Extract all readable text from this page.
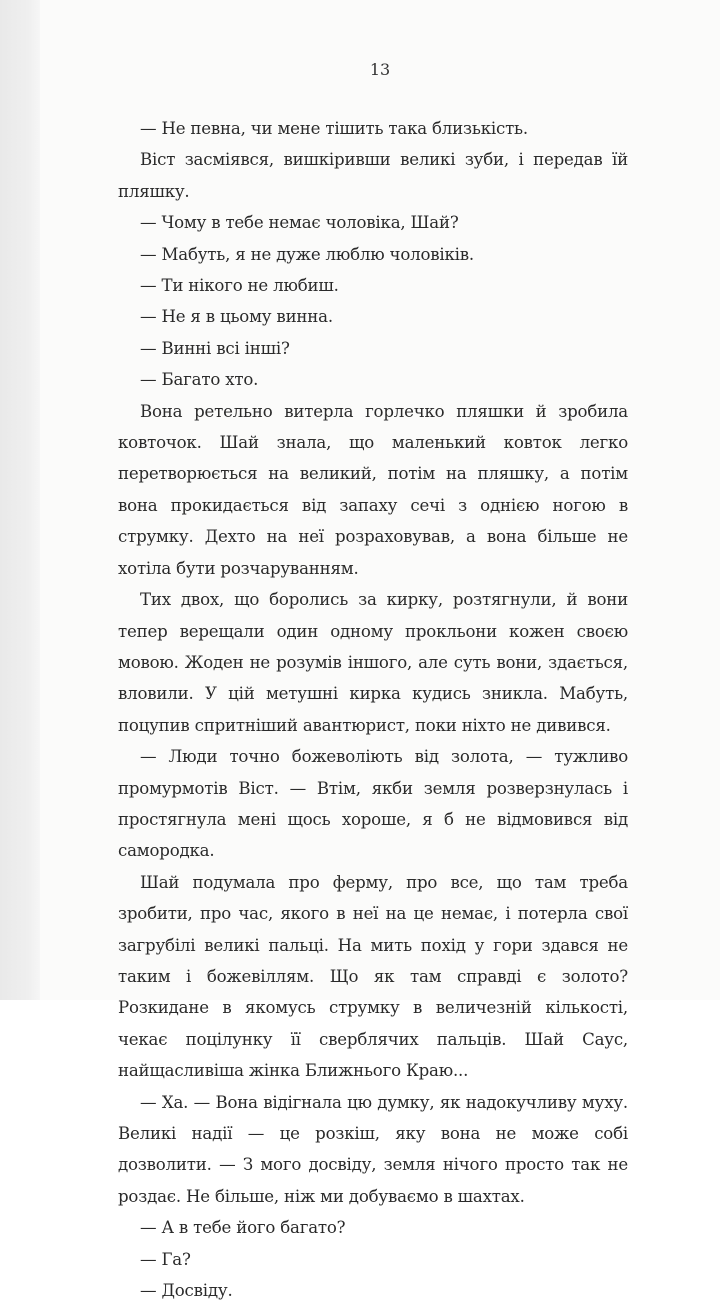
13

— Не певна, чи мене тішить така близькість.

Віст засміявся, вишкіривши великі зуби, і передав їй пляшку.

— Чому в тебе немає чоловіка, Шай?

— Мабуть, я не дуже люблю чоловіків.

— Ти нікого не любиш.

— Не я в цьому винна.

— Винні всі інші?

— Багато хто.

Вона ретельно витерла горлечко пляшки й зробила ковточок. Шай знала, що маленький ковток легко перетворюється на великий, потім на пляшку, а потім вона прокидається від запаху сечі з однією ногою в струмку. Дехто на неї розраховував, а вона більше не хотіла бути розчаруванням.

Тих двох, що боролись за кирку, розтягнули, й вони тепер верещали один одному прокльони кожен своєю мовою. Жоден не розумів іншого, але суть вони, здається, вловили. У цій метушні кирка кудись зникла. Мабуть, поцупив спритніший авантюрист, поки ніхто не дивився.

— Люди точно божеволіють від золота, — тужливо промурмотів Віст. — Втім, якби земля розверзнулась і простягнула мені щось хороше, я б не відмовився від самородка.

Шай подумала про ферму, про все, що там треба зробити, про час, якого в неї на це немає, і потерла свої загрубілі великі пальці. На мить похід у гори здався не таким і божевіллям. Що як там справді є золото? Розкидане в якомусь струмку в величезній кількості, чекає поцілунку її сверблячих пальців. Шай Саус, найщасливіша жінка Ближнього Краю...

— Ха. — Вона відігнала цю думку, як надокучливу муху. Великі надії — це розкіш, яку вона не може собі дозволити. — З мого досвіду, земля нічого просто так не роздає. Не більше, ніж ми добуваємо в шахтах.

— А в тебе його багато?

— Га?

— Досвіду.
